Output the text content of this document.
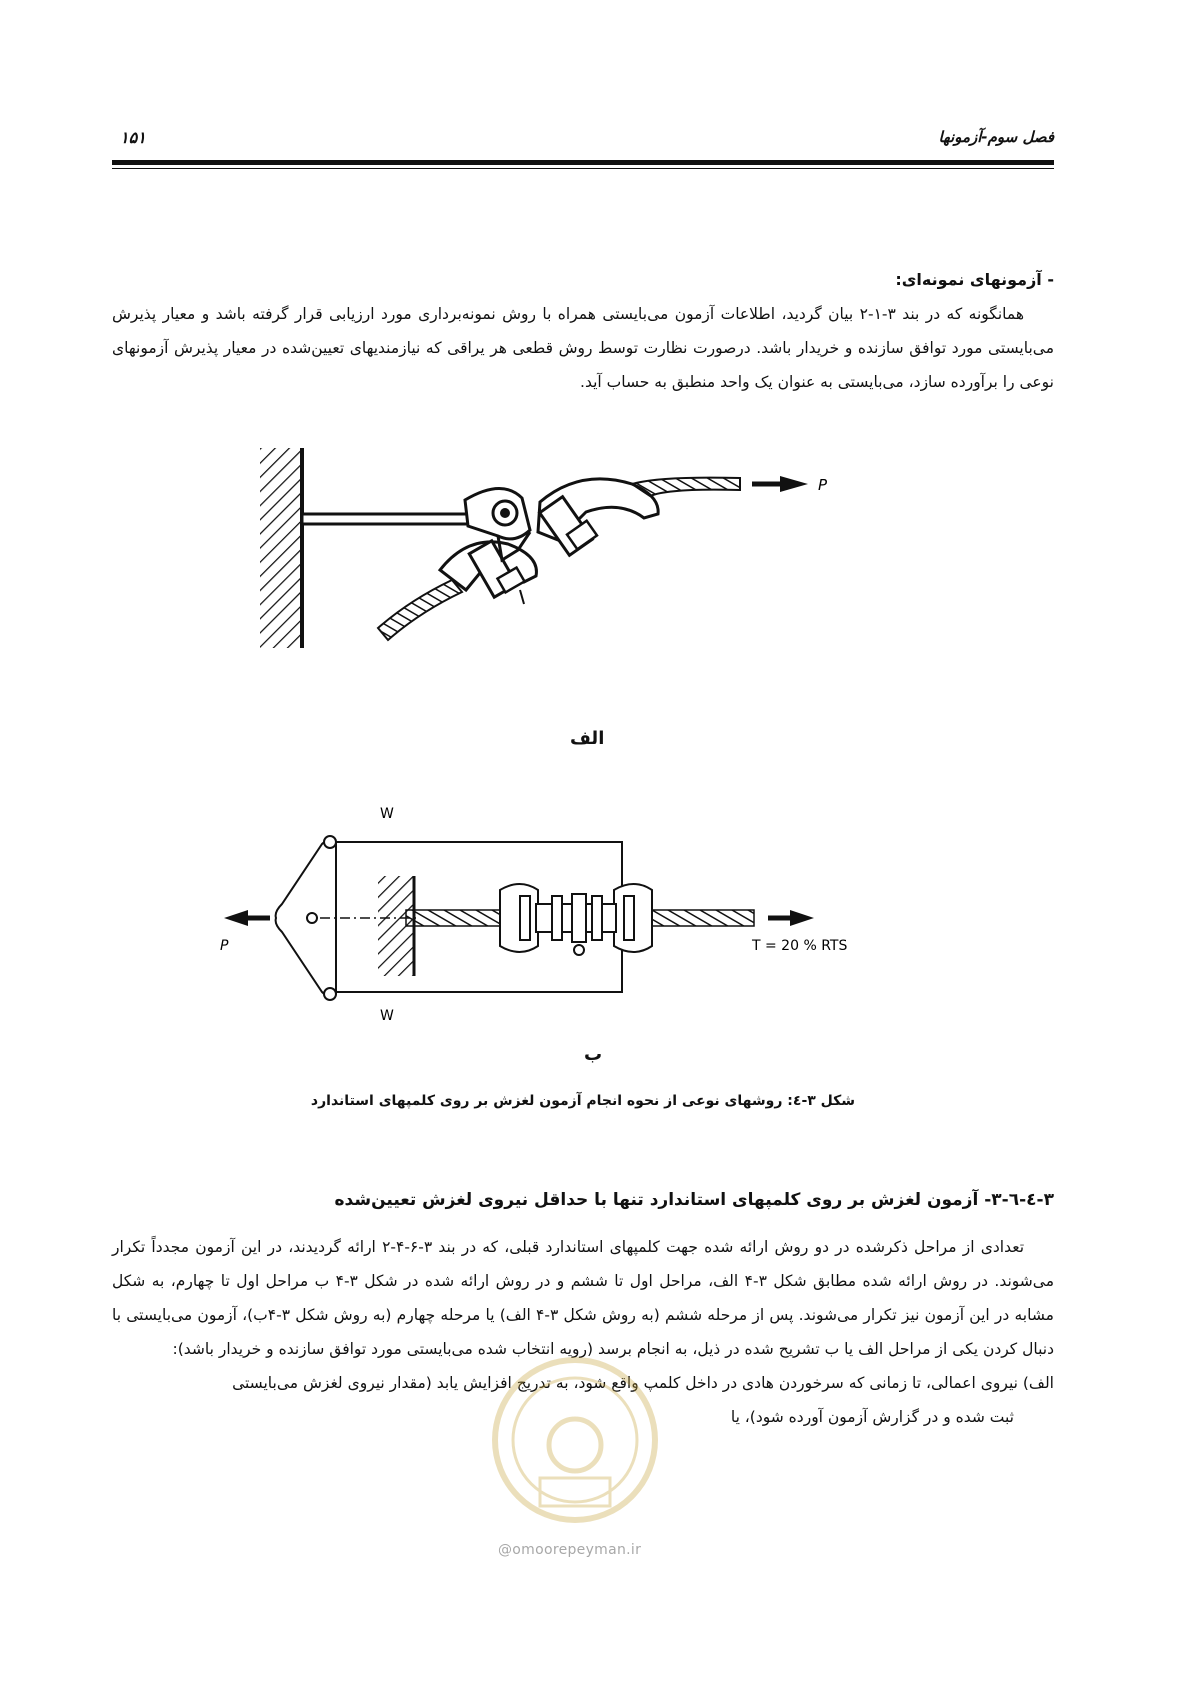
فصل سوم-آزمونها
۱۵۱
- آزمونهای نمونه‌ای:

همانگونه که در بند ۳-۱-۲ بیان گردید، اطلاعات آزمون می‌بایستی همراه با روش نمونه‌برداری مورد ارزیابی قرار گرفته باشد و معیار پذیرش می‌بایستی مورد توافق سازنده و خریدار باشد. درصورت نظارت توسط روش قطعی هر یراقی که نیازمندیهای تعیین‌شده در معیار پذیرش آزمونهای نوعی را برآورده سازد، می‌بایستی به عنوان یک واحد منطبق به حساب آید.

P
الف
W
W
P	T = 20 % RTS
ب
شکل ۳-٤: روشهای نوعی از نحوه انجام آزمون لغزش بر روی کلمپهای استاندارد
۳-٤-٦-۳- آزمون لغزش بر روی کلمپهای استاندارد تنها با حداقل نیروی لغزش تعیین‌شده

تعدادی از مراحل ذکرشده در دو روش ارائه شده جهت کلمپهای استاندارد قبلی، که در بند ۳-۶-۴-۲ ارائه گردیدند، در این آزمون مجدداً تکرار می‌شوند. در روش ارائه شده مطابق شکل ۳-۴ الف، مراحل اول تا ششم و در روش ارائه شده در شکل ۳-۴ ب مراحل اول تا چهارم، به شکل مشابه در این آزمون نیز تکرار می‌شوند. پس از مرحله ششم (به روش شکل ۳-۴ الف) یا مرحله چهارم (به روش شکل ۳-۴ب)، آزمون می‌بایستی با دنبال کردن یکی از مراحل الف یا ب تشریح شده در ذیل، به انجام برسد (رویه انتخاب شده می‌بایستی مورد توافق سازنده و خریدار باشد):

الف) نیروی اعمالی، تا زمانی که سرخوردن هادی در داخل کلمپ واقع شود، به تدریج افزایش یابد (مقدار نیروی لغزش می‌بایستی

ثبت شده و در گزارش آزمون آورده شود)، یا

@omoorepeyman.ir
